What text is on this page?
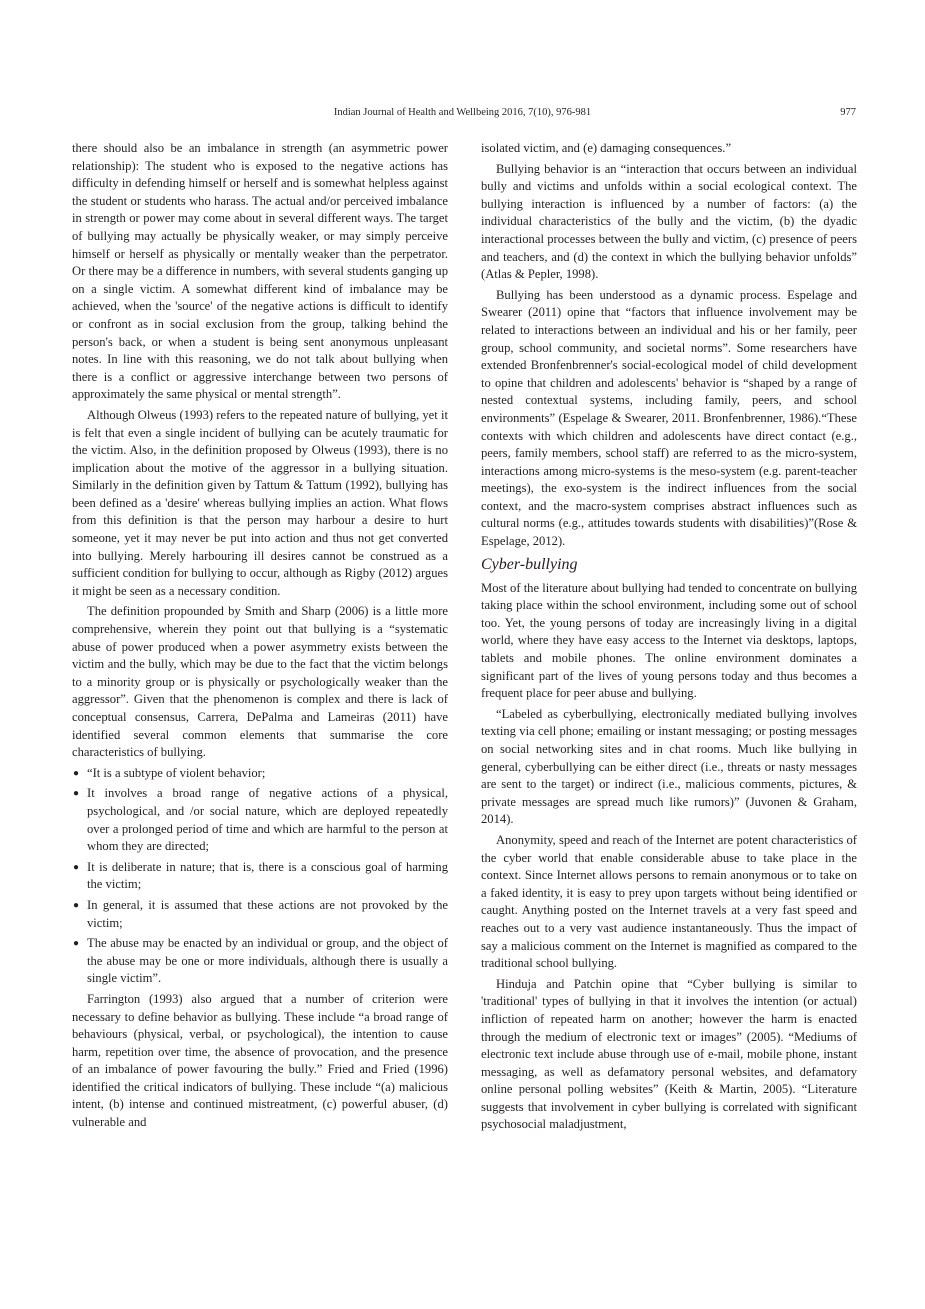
Indian Journal of Health and Wellbeing 2016, 7(10), 976-981	977

there should also be an imbalance in strength (an asymmetric power relationship): The student who is exposed to the negative actions has difficulty in defending himself or herself and is somewhat helpless against the student or students who harass. The actual and/or perceived imbalance in strength or power may come about in several different ways. The target of bullying may actually be physically weaker, or may simply perceive himself or herself as physically or mentally weaker than the perpetrator. Or there may be a difference in numbers, with several students ganging up on a single victim. A somewhat different kind of imbalance may be achieved, when the 'source' of the negative actions is difficult to identify or confront as in social exclusion from the group, talking behind the person's back, or when a student is being sent anonymous unpleasant notes. In line with this reasoning, we do not talk about bullying when there is a conflict or aggressive interchange between two persons of approximately the same physical or mental strength”.

Although Olweus (1993) refers to the repeated nature of bullying, yet it is felt that even a single incident of bullying can be acutely traumatic for the victim. Also, in the definition proposed by Olweus (1993), there is no implication about the motive of the aggressor in a bullying situation. Similarly in the definition given by Tattum & Tattum (1992), bullying has been defined as a 'desire' whereas bullying implies an action. What flows from this definition is that the person may harbour a desire to hurt someone, yet it may never be put into action and thus not get converted into bullying. Merely harbouring ill desires cannot be construed as a sufficient condition for bullying to occur, although as Rigby (2012) argues it might be seen as a necessary condition.

The definition propounded by Smith and Sharp (2006) is a little more comprehensive, wherein they point out that bullying is a “systematic abuse of power produced when a power asymmetry exists between the victim and the bully, which may be due to the fact that the victim belongs to a minority group or is physically or psychologically weaker than the aggressor”. Given that the phenomenon is complex and there is lack of conceptual consensus, Carrera, DePalma and Lameiras (2011) have identified several common elements that summarise the core characteristics of bullying.

● “It is a subtype of violent behavior;
● It involves a broad range of negative actions of a physical, psychological, and /or social nature, which are deployed repeatedly over a prolonged period of time and which are harmful to the person at whom they are directed;
● It is deliberate in nature; that is, there is a conscious goal of harming the victim;
● In general, it is assumed that these actions are not provoked by the victim;
● The abuse may be enacted by an individual or group, and the object of the abuse may be one or more individuals, although there is usually a single victim”.

Farrington (1993) also argued that a number of criterion were necessary to define behavior as bullying. These include “a broad range of behaviours (physical, verbal, or psychological), the intention to cause harm, repetition over time, the absence of provocation, and the presence of an imbalance of power favouring the bully.” Fried and Fried (1996) identified the critical indicators of bullying. These include “(a) malicious intent, (b) intense and continued mistreatment, (c) powerful abuser, (d) vulnerable and

isolated victim, and (e) damaging consequences.”

Bullying behavior is an “interaction that occurs between an individual bully and victims and unfolds within a social ecological context. The bullying interaction is influenced by a number of factors: (a) the individual characteristics of the bully and the victim, (b) the dyadic interactional processes between the bully and victim, (c) presence of peers and teachers, and (d) the context in which the bullying behavior unfolds” (Atlas & Pepler, 1998).

Bullying has been understood as a dynamic process. Espelage and Swearer (2011) opine that “factors that influence involvement may be related to interactions between an individual and his or her family, peer group, school community, and societal norms”. Some researchers have extended Bronfenbrenner's social-ecological model of child development to opine that children and adolescents' behavior is “shaped by a range of nested contextual systems, including family, peers, and school environments” (Espelage & Swearer, 2011. Bronfenbrenner, 1986).“These contexts with which children and adolescents have direct contact (e.g., peers, family members, school staff) are referred to as the micro-system, interactions among micro-systems is the meso-system (e.g. parent-teacher meetings), the exo-system is the indirect influences from the social context, and the macro-system comprises abstract influences such as cultural norms (e.g., attitudes towards students with disabilities)”(Rose & Espelage, 2012).

Cyber-bullying

Most of the literature about bullying had tended to concentrate on bullying taking place within the school environment, including some out of school too. Yet, the young persons of today are increasingly living in a digital world, where they have easy access to the Internet via desktops, laptops, tablets and mobile phones. The online environment dominates a significant part of the lives of young persons today and thus becomes a frequent place for peer abuse and bullying.

“Labeled as cyberbullying, electronically mediated bullying involves texting via cell phone; emailing or instant messaging; or posting messages on social networking sites and in chat rooms. Much like bullying in general, cyberbullying can be either direct (i.e., threats or nasty messages are sent to the target) or indirect (i.e., malicious comments, pictures, & private messages are spread much like rumors)” (Juvonen & Graham, 2014).

Anonymity, speed and reach of the Internet are potent characteristics of the cyber world that enable considerable abuse to take place in the context. Since Internet allows persons to remain anonymous or to take on a faked identity, it is easy to prey upon targets without being identified or caught. Anything posted on the Internet travels at a very fast speed and reaches out to a very vast audience instantaneously. Thus the impact of say a malicious comment on the Internet is magnified as compared to the traditional school bullying.

Hinduja and Patchin opine that “Cyber bullying is similar to 'traditional' types of bullying in that it involves the intention (or actual) infliction of repeated harm on another; however the harm is enacted through the medium of electronic text or images” (2005). “Mediums of electronic text include abuse through use of e-mail, mobile phone, instant messaging, as well as defamatory personal websites, and defamatory online personal polling websites” (Keith & Martin, 2005). “Literature suggests that involvement in cyber bullying is correlated with significant psychosocial maladjustment,
